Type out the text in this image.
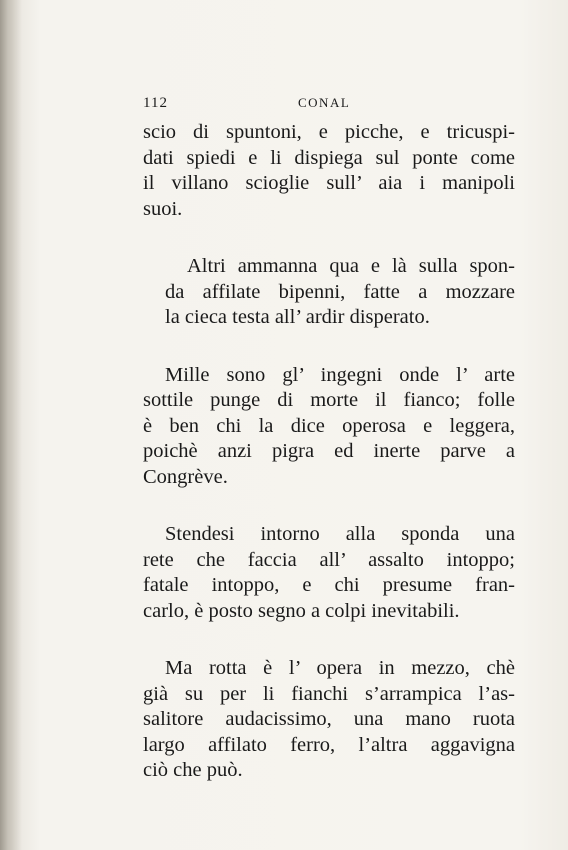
112	CONAL

scio di spuntoni, e picche, e tricuspi-
dati spiedi e li dispiega sul ponte come
il villano scioglie sull’ aia i manipoli
suoi.

Altri ammanna qua e là sulla spon-
da affilate bipenni, fatte a mozzare
la cieca testa all’ ardir disperato.

Mille sono gl’ ingegni onde l’ arte
sottile punge di morte il fianco; folle
è ben chi la dice operosa e leggera,
poichè anzi pigra ed inerte parve a
Congrève.

Stendesi intorno alla sponda una
rete che faccia all’ assalto intoppo;
fatale intoppo, e chi presume fran-
carlo, è posto segno a colpi inevitabili.

Ma rotta è l’ opera in mezzo, chè
già su per li fianchi s’arrampica l’as-
salitore audacissimo, una mano ruota
largo affilato ferro, l’altra aggavigna
ciò che può.
